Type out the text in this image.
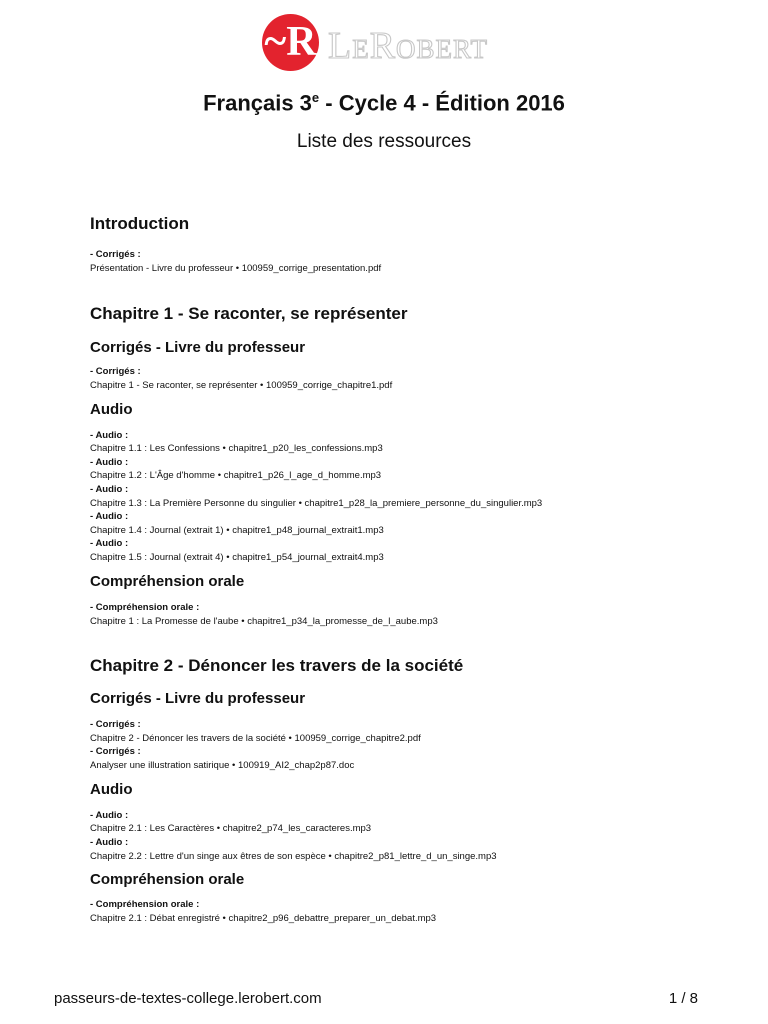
~R LeRobert
Français 3e - Cycle 4 - Édition 2016
Liste des ressources
Introduction
- Corrigés :
Présentation - Livre du professeur • 100959_corrige_presentation.pdf
Chapitre 1 - Se raconter, se représenter
Corrigés - Livre du professeur
- Corrigés :
Chapitre 1 - Se raconter, se représenter • 100959_corrige_chapitre1.pdf
Audio
- Audio :
Chapitre 1.1 : Les Confessions • chapitre1_p20_les_confessions.mp3
- Audio :
Chapitre 1.2 : L'Âge d'homme • chapitre1_p26_l_age_d_homme.mp3
- Audio :
Chapitre 1.3 : La Première Personne du singulier • chapitre1_p28_la_premiere_personne_du_singulier.mp3
- Audio :
Chapitre 1.4 : Journal (extrait 1) • chapitre1_p48_journal_extrait1.mp3
- Audio :
Chapitre 1.5 : Journal (extrait 4) • chapitre1_p54_journal_extrait4.mp3
Compréhension orale
- Compréhension orale :
Chapitre 1 : La Promesse de l'aube • chapitre1_p34_la_promesse_de_l_aube.mp3
Chapitre 2 - Dénoncer les travers de la société
Corrigés - Livre du professeur
- Corrigés :
Chapitre 2 - Dénoncer les travers de la société • 100959_corrige_chapitre2.pdf
- Corrigés :
Analyser une illustration satirique • 100919_AI2_chap2p87.doc
Audio
- Audio :
Chapitre 2.1 : Les Caractères • chapitre2_p74_les_caracteres.mp3
- Audio :
Chapitre 2.2 : Lettre d'un singe aux êtres de son espèce • chapitre2_p81_lettre_d_un_singe.mp3
Compréhension orale
- Compréhension orale :
Chapitre 2.1 : Débat enregistré • chapitre2_p96_debattre_preparer_un_debat.mp3
passeurs-de-textes-college.lerobert.com	1 / 8
